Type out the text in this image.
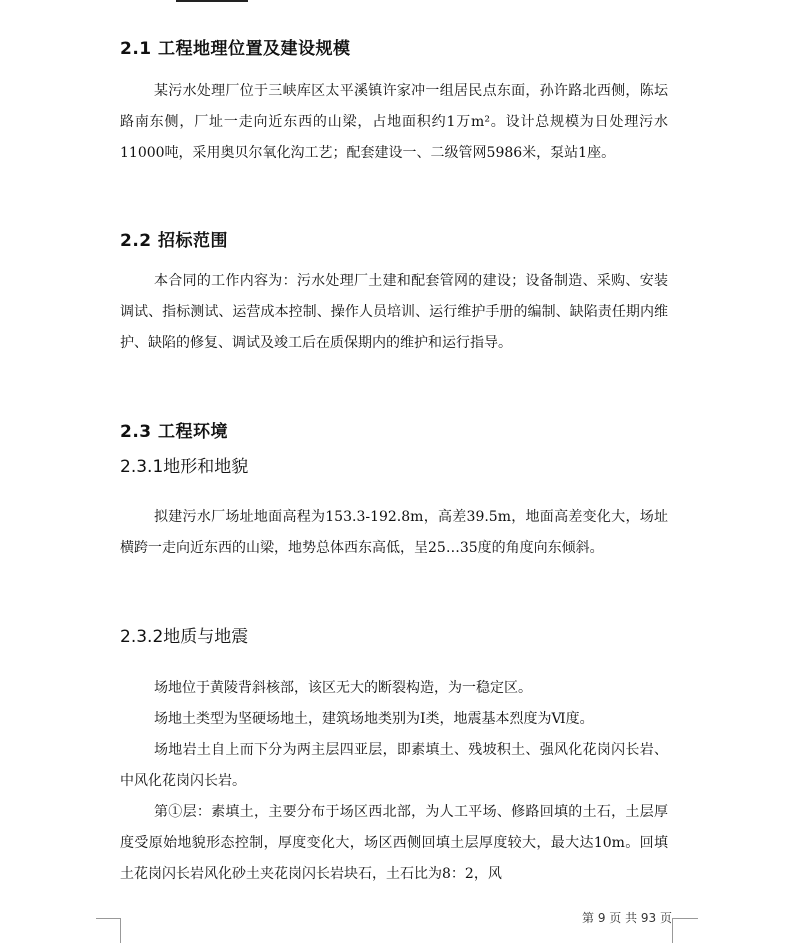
2.1 工程地理位置及建设规模

某污水处理厂位于三峡库区太平溪镇许家冲一组居民点东面，孙许路北西侧，陈坛路南东侧，厂址一走向近东西的山梁，占地面积约1万m²。设计总规模为日处理污水11000吨，采用奥贝尔氧化沟工艺；配套建设一、二级管网5986米，泵站1座。

2.2 招标范围

本合同的工作内容为：污水处理厂土建和配套管网的建设；设备制造、采购、安装调试、指标测试、运营成本控制、操作人员培训、运行维护手册的编制、缺陷责任期内维护、缺陷的修复、调试及竣工后在质保期内的维护和运行指导。

2.3 工程环境
2.3.1地形和地貌

拟建污水厂场址地面高程为153.3-192.8m，高差39.5m，地面高差变化大，场址横跨一走向近东西的山梁，地势总体西东高低，呈25…35度的角度向东倾斜。

2.3.2地质与地震

场地位于黄陵背斜核部，该区无大的断裂构造，为一稳定区。

场地土类型为坚硬场地土，建筑场地类别为Ⅰ类，地震基本烈度为Ⅵ度。

场地岩土自上而下分为两主层四亚层，即素填土、残坡积土、强风化花岗闪长岩、中风化花岗闪长岩。

第①层：素填土，主要分布于场区西北部，为人工平场、修路回填的土石，土层厚度受原始地貌形态控制，厚度变化大，场区西侧回填土层厚度较大，最大达10m。回填土花岗闪长岩风化砂土夹花岗闪长岩块石，土石比为8：2，风

第 9 页 共 93 页
